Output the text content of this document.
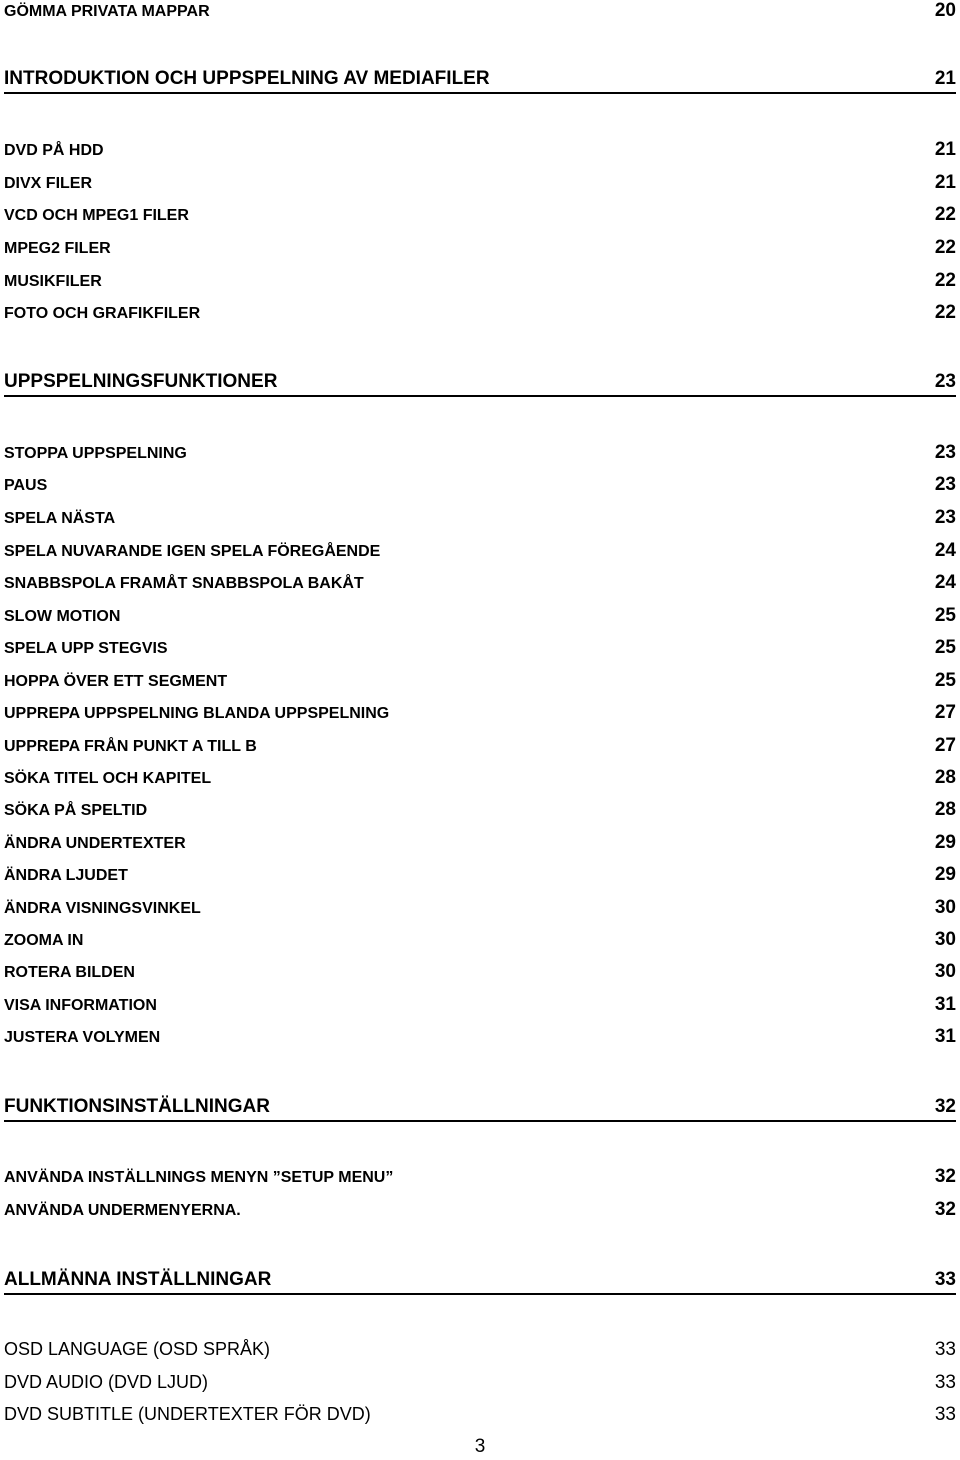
GÖMMA PRIVATA MAPPAR	20
INTRODUKTION OCH UPPSPELNING AV MEDIAFILER	21
DVD PÅ HDD	21
DIVX FILER	21
VCD OCH MPEG1 FILER	22
MPEG2 FILER	22
MUSIKFILER	22
FOTO OCH GRAFIKFILER	22
UPPSPELNINGSFUNKTIONER	23
STOPPA UPPSPELNING	23
PAUS	23
SPELA NÄSTA	23
SPELA NUVARANDE IGEN SPELA FÖREGÅENDE	24
SNABBSPOLA FRAMÅT SNABBSPOLA BAKÅT	24
SLOW MOTION	25
SPELA UPP STEGVIS	25
HOPPA ÖVER ETT SEGMENT	25
UPPREPA UPPSPELNING BLANDA UPPSPELNING	27
UPPREPA FRÅN PUNKT A TILL B	27
SÖKA TITEL OCH KAPITEL	28
SÖKA PÅ SPELTID	28
ÄNDRA UNDERTEXTER	29
ÄNDRA LJUDET	29
ÄNDRA VISNINGSVINKEL	30
ZOOMA IN	30
ROTERA BILDEN	30
VISA INFORMATION	31
JUSTERA VOLYMEN	31
FUNKTIONSINSTÄLLNINGAR	32
ANVÄNDA INSTÄLLNINGS MENYN ”SETUP MENU”	32
ANVÄNDA UNDERMENYERNA.	32
ALLMÄNNA INSTÄLLNINGAR	33
OSD LANGUAGE (OSD SPRÅK)	33
DVD AUDIO (DVD LJUD)	33
DVD SUBTITLE (UNDERTEXTER FÖR DVD)	33
3
